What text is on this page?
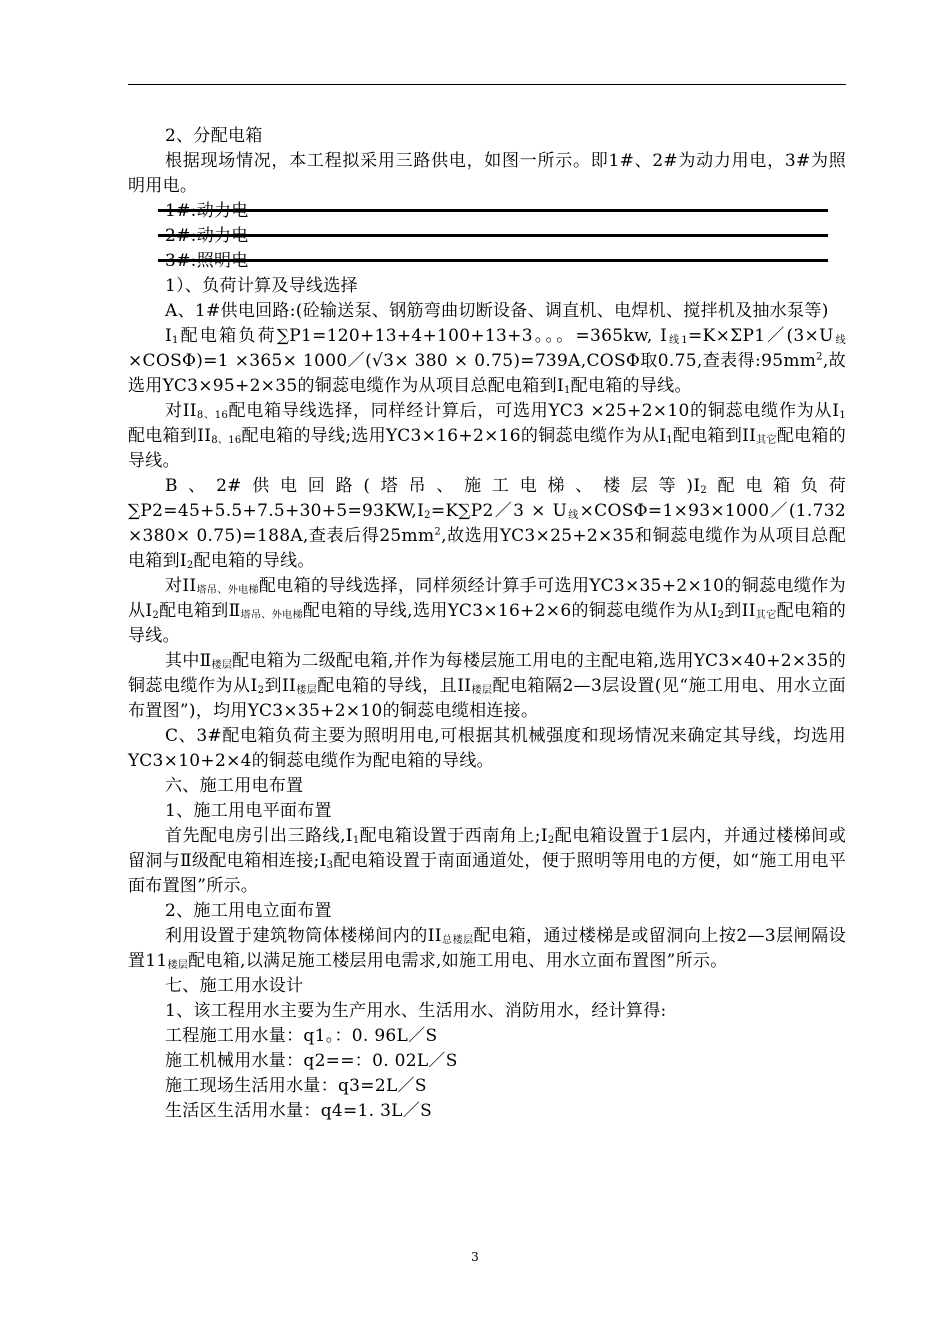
2、分配电箱

根据现场情况，本工程拟采用三路供电，如图一所示。即1#、2#为动力用电，3#为照明用电。

1）、负荷计算及导线选择

A、1#供电回路:(砼输送泵、钢筋弯曲切断设备、调直机、电焊机、搅拌机及抽水泵等)

$I_1$配电箱负荷∑P1=120+13+4+100+13+3。。。=365kw, $I_{线1}=K\times\Sigma P1/(3\times U_线\times COS\Phi)=1 \times 365\times$ 1000／(√3× 380 × 0.75)=739A,COSΦ取0.75,查表得$:95mm^2$,故选用YC3×95+2×35的铜蕊电缆作为从项目总配电箱到$I_1$配电箱的导线。

对$II_{8、16}$配电箱导线选择，同样经计算后，可选用YC3 ×25+2×10的铜蕊电缆作为从$I_1$配电箱到$II_{8、16}$配电箱的导线;选用YC3×16+2×16的铜蕊电缆作为从$I_1$配电箱到$II_{其它}$配电箱的导线。

B、2#供电回路(塔吊、施工电梯、楼层等)$I_2$配电箱负荷$\sum P2=45+5.5+7.5+30+5=93KW,I_2=K\sum P2/3$ × $U_线\times COS\Phi=1\times 93\times 1000/(1.732 \times 380\times 0.75)=188A$,查表后得$25mm^2$,故选用YC3×25+2×35和铜蕊电缆作为从项目总配电箱到$I_2$配电箱的导线。

对$II_{塔吊、外电梯}$配电箱的导线选择，同样须经计算手可选用YC3×35+2×10的铜蕊电缆作为从$I_2$配电箱到$Ⅱ_{塔吊、外电梯}$配电箱的导线,选用YC3×16+2×6的铜蕊电缆作为从$I_2$到$II_{其它}$配电箱的导线。

其中$Ⅱ_{楼层}$配电箱为二级配电箱,并作为每楼层施工用电的主配电箱,选用YC3×40+2×35的铜蕊电缆作为从$I_2$到$II_{楼层}$配电箱的导线，且$II_{楼层}$配电箱隔2—3层设置(见“施工用电、用水立面布置图”)，均用YC3×35+2×10的铜蕊电缆相连接。

C、3#配电箱负荷主要为照明用电,可根据其机械强度和现场情况来确定其导线，均选用YC3×10+2×4的铜蕊电缆作为配电箱的导线。

六、施工用电布置

1、施工用电平面布置

首先配电房引出三路线$,I_1$配电箱设置于西南角上$;I_2$配电箱设置于1层内，并通过楼梯间或留洞与Ⅱ级配电箱相连接$;I_3$配电箱设置于南面通道处，便于照明等用电的方便，如“施工用电平面布置图”所示。

2、施工用电立面布置

利用设置于建筑物筒体楼梯间内的$II_{总楼层}$配电箱，通过楼梯是或留洞向上按2—3层闸隔设置$11_{楼层}$配电箱,以满足施工楼层用电需求,如施工用电、用水立面布置图”所示。

七、施工用水设计

1、该工程用水主要为生产用水、生活用水、消防用水，经计算得:

工程施工用水量：q1。：0. 96L／S

施工机械用水量：q2==：0. 02L／S

施工现场生活用水量：q3=2L／S

生活区生活用水量：q4=1. 3L／S

3
